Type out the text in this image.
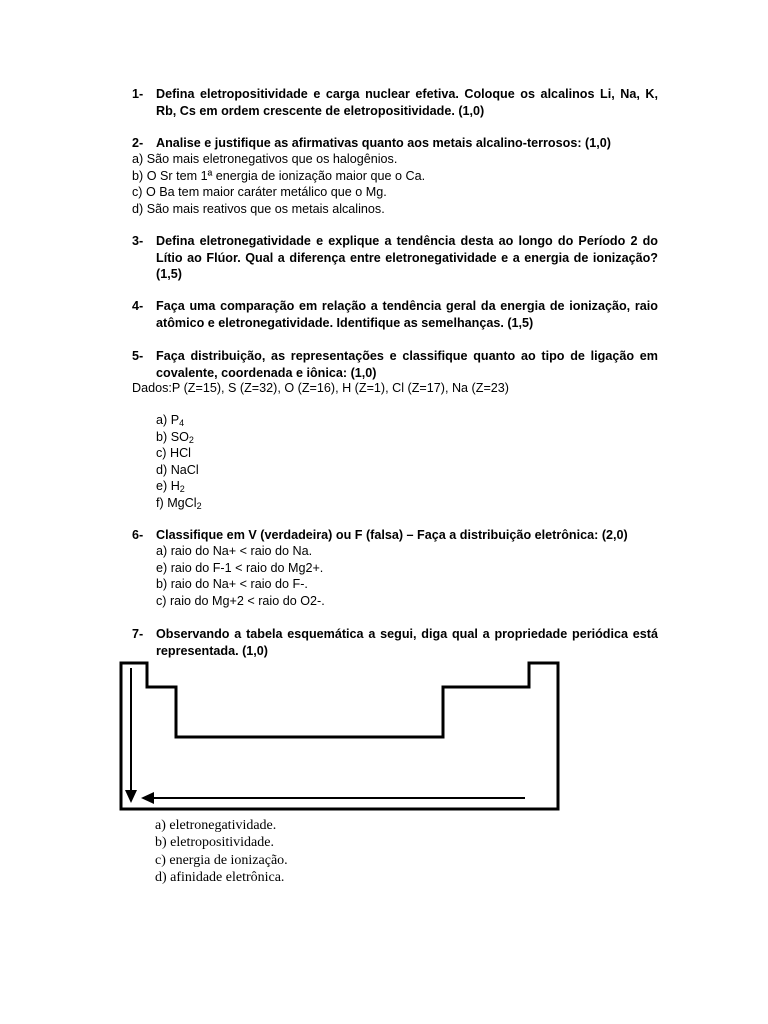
1- Defina eletropositividade e carga nuclear efetiva. Coloque os alcalinos Li, Na, K, Rb, Cs em ordem crescente de eletropositividade. (1,0)
2- Analise e justifique as afirmativas quanto aos metais alcalino-terrosos: (1,0)
a) São mais eletronegativos que os halogênios.
b) O Sr tem 1ª energia de ionização maior que o Ca.
c) O Ba tem maior caráter metálico que o Mg.
d) São mais reativos que os metais alcalinos.
3- Defina eletronegatividade e explique a tendência desta ao longo do Período 2 do Lítio ao Flúor. Qual a diferença entre eletronegatividade e a energia de ionização? (1,5)
4- Faça uma comparação em relação a tendência geral da energia de ionização, raio atômico e eletronegatividade. Identifique as semelhanças. (1,5)
5- Faça distribuição, as representações e classifique quanto ao tipo de ligação em covalente, coordenada e iônica: (1,0)
Dados:P (Z=15), S (Z=32), O (Z=16), H (Z=1), Cl (Z=17), Na (Z=23)
a) $P_4$
b) $SO_2$
c) HCl
d) NaCl
e) $H_2$
f) MgCl$_2$
6- Classifique em V (verdadeira) ou F (falsa) – Faça a distribuição eletrônica: (2,0)
a) raio do Na+ < raio do Na.
e) raio do F-1 < raio do Mg2+.
b) raio do Na+ < raio do F-.
c) raio do Mg+2 < raio do O2-.
7- Observando a tabela esquemática a segui, diga qual a propriedade periódica está representada. (1,0)
a) eletronegatividade.
b) eletropositividade.
c) energia de ionização.
d) afinidade eletrônica.
